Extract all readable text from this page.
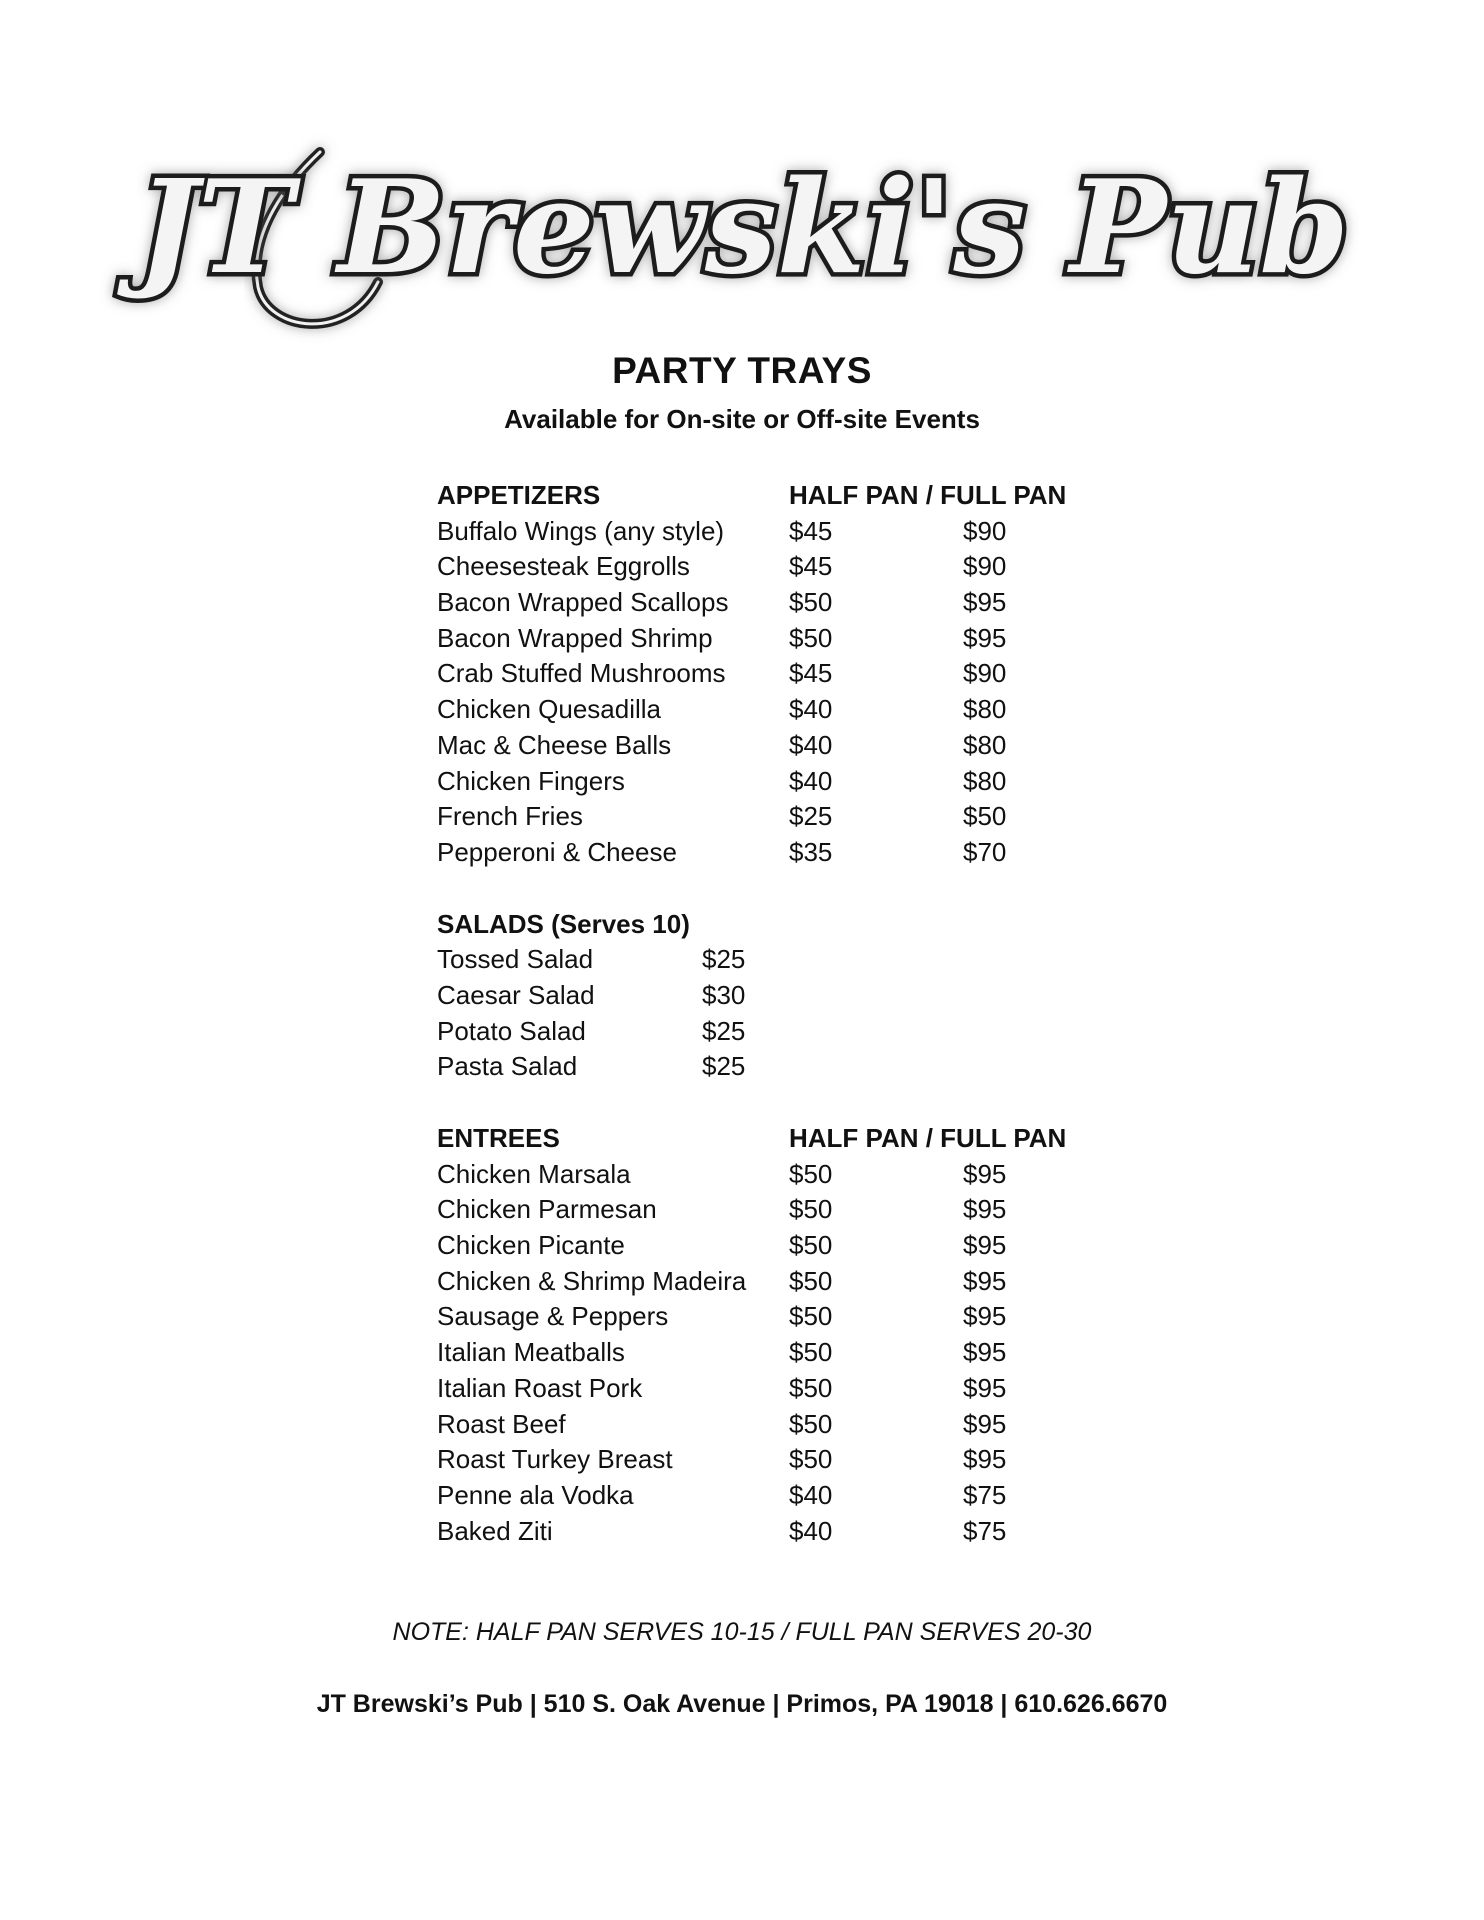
JT Brewski's Pub
PARTY TRAYS
Available for On-site or Off-site Events
APPETIZERS	HALF PAN / FULL PAN
Buffalo Wings (any style) $45	$90
Cheesesteak Eggrolls	$45	$90
Bacon Wrapped Scallops $50	$95
Bacon Wrapped Shrimp	$50	$95
Crab Stuffed Mushrooms $45	$90
Chicken Quesadilla	$40	$80
Mac & Cheese Balls	$40	$80
Chicken Fingers	$40	$80
French Fries	$25	$50
Pepperoni & Cheese	$35	$70
SALADS (Serves 10)
Tossed Salad	$25
Caesar Salad	$30
Potato Salad	$25
Pasta Salad	$25
ENTREES	HALF PAN / FULL PAN
Chicken Marsala	$50	$95
Chicken Parmesan	$50	$95
Chicken Picante	$50	$95
Chicken & Shrimp Madeira $50	$95
Sausage & Peppers	$50	$95
Italian Meatballs	$50	$95
Italian Roast Pork	$50	$95
Roast Beef	$50	$95
Roast Turkey Breast	$50	$95
Penne ala Vodka	$40	$75
Baked Ziti	$40	$75
NOTE: HALF PAN SERVES 10-15 / FULL PAN SERVES 20-30
JT Brewski’s Pub | 510 S. Oak Avenue | Primos, PA 19018 | 610.626.6670
